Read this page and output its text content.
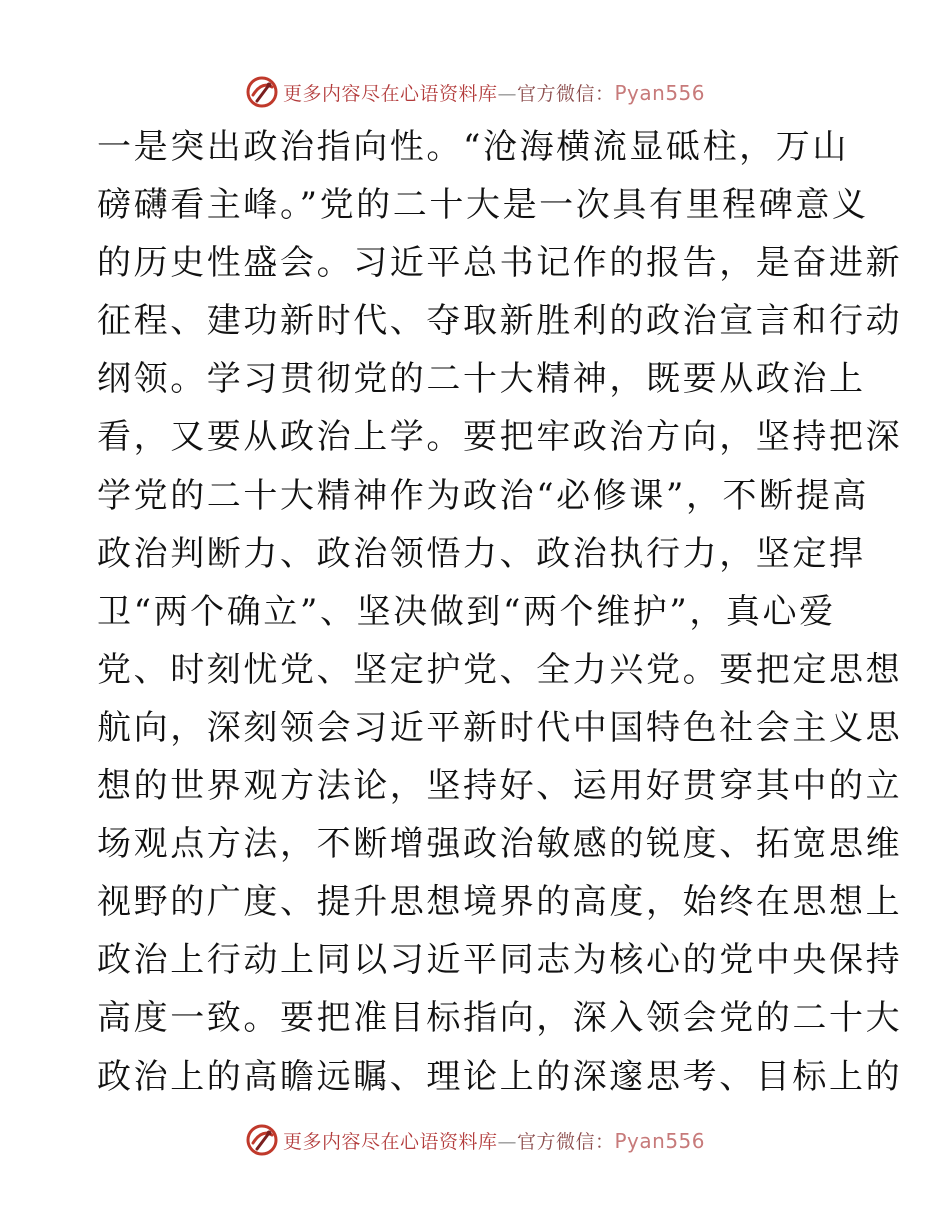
更多内容尽在心语资料库—官方微信：Pyan556
一是突出政治指向性。“沧海横流显砥柱，万山
磅礴看主峰。”党的二十大是一次具有里程碑意义
的历史性盛会。习近平总书记作的报告，是奋进新
征程、建功新时代、夺取新胜利的政治宣言和行动
纲领。学习贯彻党的二十大精神，既要从政治上
看，又要从政治上学。要把牢政治方向，坚持把深
学党的二十大精神作为政治“必修课”，不断提高
政治判断力、政治领悟力、政治执行力，坚定捍
卫“两个确立”、坚决做到“两个维护”，真心爱
党、时刻忧党、坚定护党、全力兴党。要把定思想
航向，深刻领会习近平新时代中国特色社会主义思
想的世界观方法论，坚持好、运用好贯穿其中的立
场观点方法，不断增强政治敏感的锐度、拓宽思维
视野的广度、提升思想境界的高度，始终在思想上
政治上行动上同以习近平同志为核心的党中央保持
高度一致。要把准目标指向，深入领会党的二十大
政治上的高瞻远瞩、理论上的深邃思考、目标上的
更多内容尽在心语资料库—官方微信：Pyan556
